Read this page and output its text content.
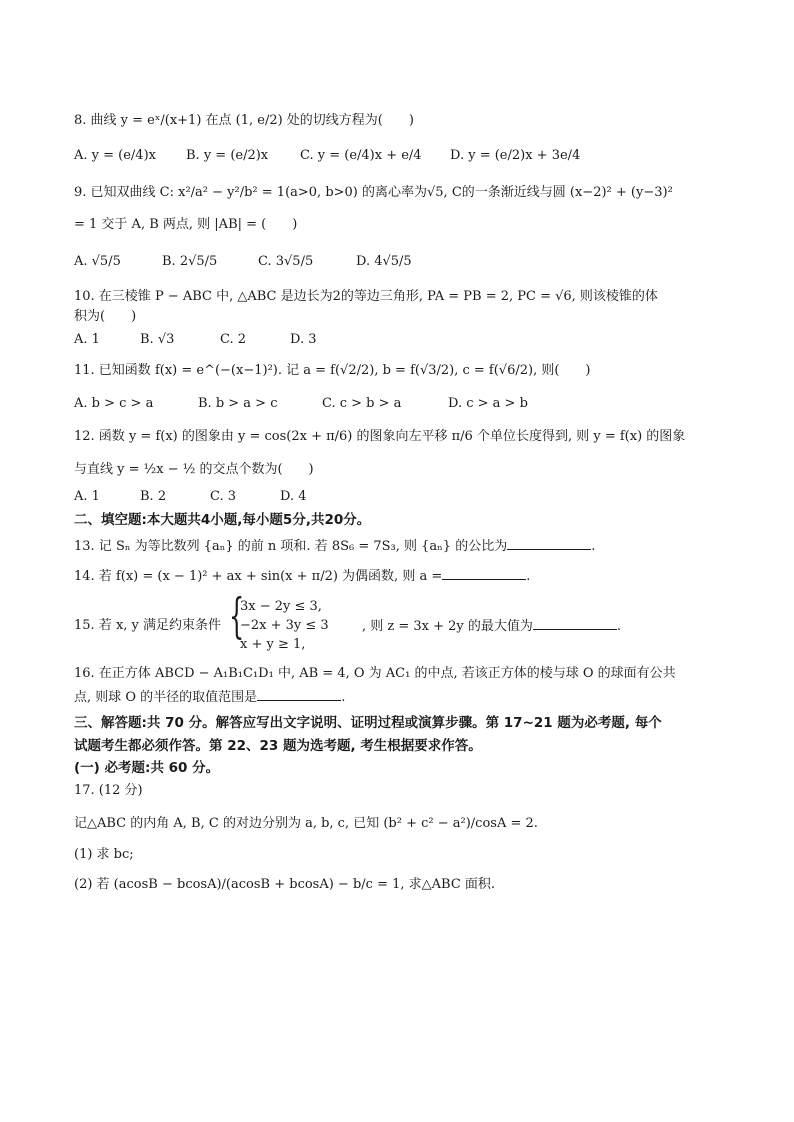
8. 曲线 y = eˣ/(x+1) 在点 (1, e/2) 处的切线方程为(　　)
A. y = (e/4)x B. y = (e/2)x C. y = (e/4)x + e/4 D. y = (e/2)x + 3e/4
9. 已知双曲线 C: x²/a² − y²/b² = 1(a>0, b>0) 的离心率为√5, C的一条渐近线与圆 (x−2)² + (y−3)²
= 1 交于 A, B 两点, 则 |AB| = (　　)
A. √5/5	B. 2√5/5	C. 3√5/5	D. 4√5/5
10. 在三棱锥 P − ABC 中, △ABC 是边长为2的等边三角形, PA = PB = 2, PC = √6, 则该棱锥的体
积为(　　)
A. 1	B. √3	C. 2	D. 3
11. 已知函数 f(x) = e^(−(x−1)²). 记 a = f(√2/2), b = f(√3/2), c = f(√6/2), 则(　　)
A. b > c > a	B. b > a > c	C. c > b > a	D. c > a > b
12. 函数 y = f(x) 的图象由 y = cos(2x + π/6) 的图象向左平移 π/6 个单位长度得到, 则 y = f(x) 的图象
与直线 y = ½x − ½ 的交点个数为(　　)
A. 1	B. 2	C. 3	D. 4
二、填空题:本大题共4小题,每小题5分,共20分。
13. 记 Sₙ 为等比数列 {aₙ} 的前 n 项和. 若 8S₆ = 7S₃, 则 {aₙ} 的公比为	.
14. 若 f(x) = (x − 1)² + ax + sin(x + π/2) 为偶函数, 则 a =	.
15. 若 x, y 满足约束条件 {
3x − 2y ≤ 3,
−2x + 3y ≤ 3
x + y ≥ 1,
, 则 z = 3x + 2y 的最大值为	.
16. 在正方体 ABCD − A₁B₁C₁D₁ 中, AB = 4, O 为 AC₁ 的中点, 若该正方体的棱与球 O 的球面有公共
点, 则球 O 的半径的取值范围是	.
三、解答题:共 70 分。解答应写出文字说明、证明过程或演算步骤。第 17~21 题为必考题, 每个
试题考生都必须作答。第 22、23 题为选考题, 考生根据要求作答。
(一) 必考题:共 60 分。
17. (12 分)
记△ABC 的内角 A, B, C 的对边分别为 a, b, c, 已知 (b² + c² − a²)/cosA = 2.
(1) 求 bc;
(2) 若 (acosB − bcosA)/(acosB + bcosA) − b/c = 1, 求△ABC 面积.
